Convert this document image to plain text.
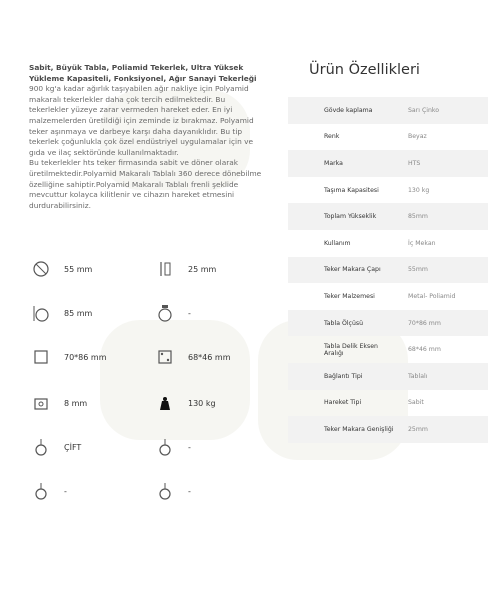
Sabit, Büyük Tabla, Poliamid Tekerlek, Ultra Yüksek Yükleme Kapasiteli, Fonksiyonel, Ağır Sanayi Tekerleği

900 kg'a kadar ağırlık taşıyabilen ağır nakliye için Polyamid makaralı tekerlekler daha çok tercih edilmektedir. Bu tekerlekler yüzeye zarar vermeden hareket eder. En iyi malzemelerden üretildiği için zeminde iz bırakmaz. Polyamid teker aşınmaya ve darbeye karşı daha dayanıklıdır. Bu tip tekerlek çoğunlukla çok özel endüstriyel uygulamalar için ve gıda ve ilaç sektöründe kullanılmaktadır.

Bu tekerlekler hts teker firmasında sabit ve döner olarak üretilmektedir.Polyamid Makaralı Tablalı 360 derece dönebilme özelliğine sahiptir.Polyamid Makaralı Tablalı frenli şeklide mevcuttur kolayca kilitlenir ve cihazın hareket etmesini durdurabilirsiniz.

55 mm	25 mm
85 mm	-
70*86 mm	68*46 mm
8 mm	130 kg
ÇİFT	-
-	-
Ürün Özellikleri
Gövde kaplama	Sarı Çinko
Renk	Beyaz
Marka	HTS
Taşıma Kapasitesi	130 kg
Toplam Yükseklik	85mm
Kullanım	İç Mekan
Teker Makara Çapı	55mm
Teker Malzemesi	Metal- Poliamid
Tabla Ölçüsü	70*86 mm
Tabla Delik Eksen Aralığı	68*46 mm
Bağlantı Tipi	Tablalı
Hareket Tipi	Sabit
Teker Makara Genişliği	25mm
